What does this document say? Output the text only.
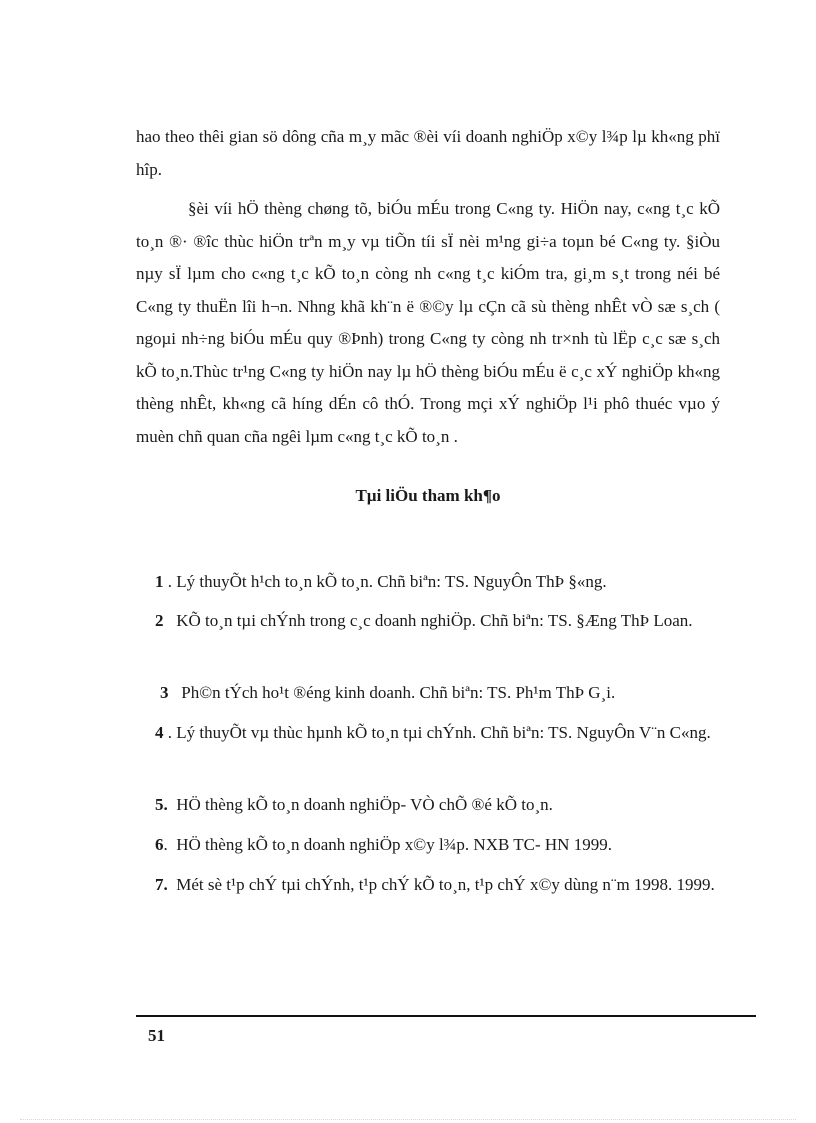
hao theo thêi gian sö dông cña m¸y mãc ®èi víi doanh nghiÖp x©y l¾p lµ kh«ng phï hîp.

§èi víi hÖ thèng chøng tõ, biÓu mÉu trong C«ng ty. HiÖn nay, c«ng t¸c kÕ to¸n ®· ®îc thùc hiÖn trªn m¸y vµ tiÕn tíi sÏ nèi m¹ng gi÷a toµn bé C«ng ty. §iÒu nµy sÏ lµm cho c«ng t¸c kÕ to¸n còng nh c«ng t¸c kiÓm tra, gi¸m s¸t trong néi bé C«ng ty thuËn lîi h¬n. Nhng khã kh¨n ë ®©y lµ cÇn cã sù thèng nhÊt vÒ sæ s¸ch ( ngoµi nh÷ng biÓu mÉu quy ®Þnh) trong C«ng ty còng nh tr×nh tù lËp c¸c sæ s¸ch kÕ to¸n.Thùc tr¹ng C«ng ty hiÖn nay lµ hÖ thèng biÓu mÉu ë c¸c xÝ nghiÖp kh«ng thèng nhÊt, kh«ng cã híng dÉn cô thÓ. Trong mçi xÝ nghiÖp l¹i phô thuéc vµo ý muèn chñ quan cña ngêi lµm c«ng t¸c kÕ to¸n .

Tµi liÖu tham kh¶o
1 . Lý thuyÕt h¹ch to¸n kÕ to¸n. Chñ biªn: TS. NguyÔn ThÞ §«ng.
2 KÕ to¸n tµi chÝnh trong c¸c doanh nghiÖp. Chñ biªn: TS. §Æng ThÞ Loan.
3 Ph©n tÝch ho¹t ®éng kinh doanh. Chñ biªn: TS. Ph¹m ThÞ G¸i.
4 . Lý thuyÕt vµ thùc hµnh kÕ to¸n tµi chÝnh. Chñ biªn: TS. NguyÔn V¨n C«ng.
5. HÖ thèng kÕ to¸n doanh nghiÖp- VÒ chÕ ®é kÕ to¸n.
6.  HÖ thèng kÕ to¸n doanh nghiÖp x©y l¾p. NXB TC- HN 1999.
7. Mét sè t¹p chÝ tµi chÝnh, t¹p chÝ kÕ to¸n, t¹p chÝ x©y dùng n¨m 1998. 1999.
51
